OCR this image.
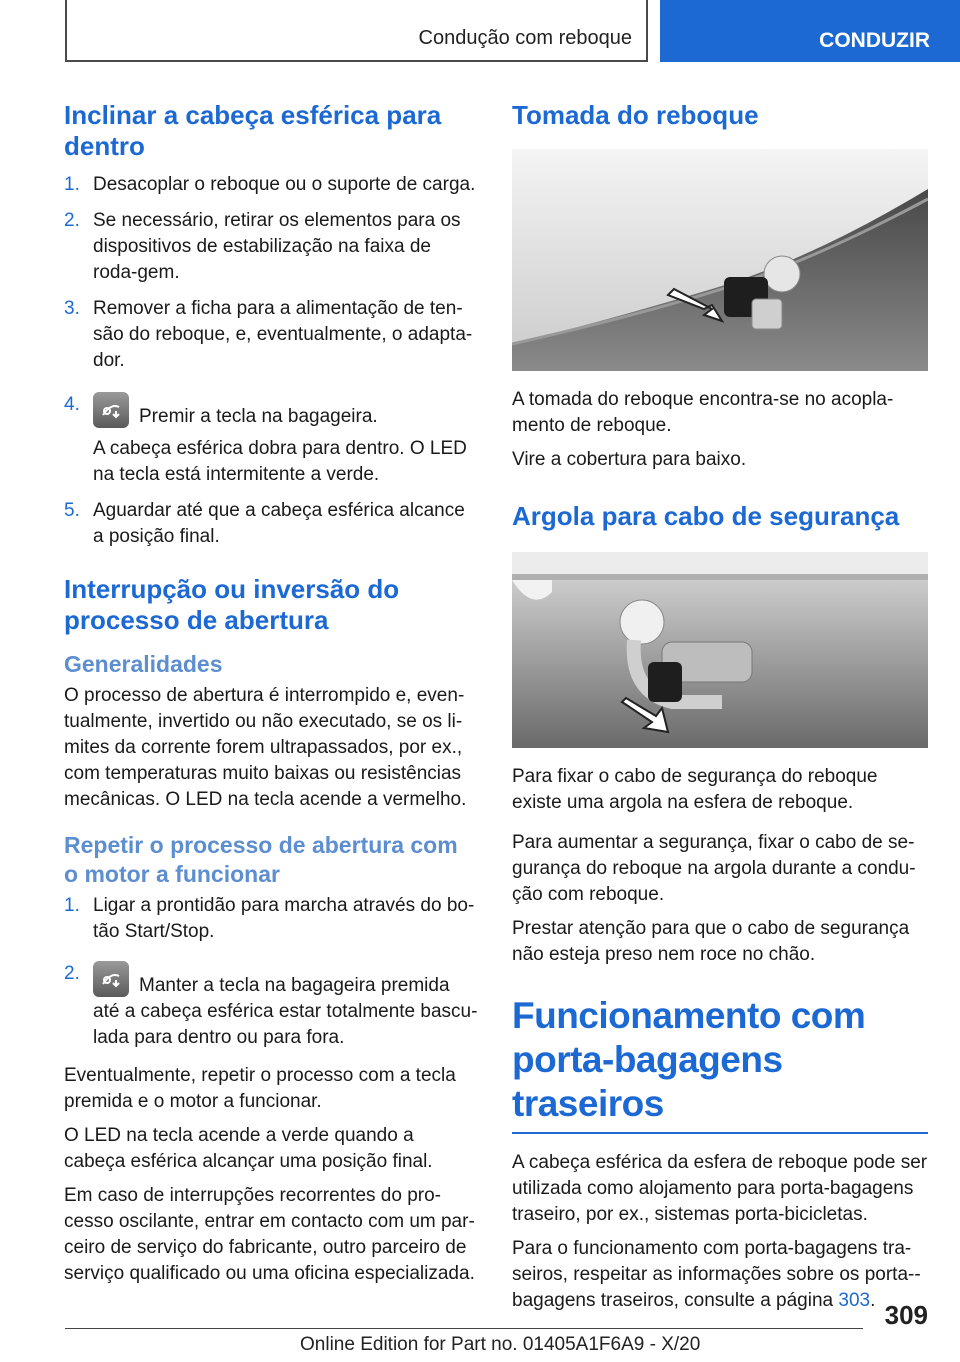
Condução com reboque	CONDUZIR
Inclinar a cabeça esférica para dentro
1. Desacoplar o reboque ou o suporte de carga.
2. Se necessário, retirar os elementos para os dispositivos de estabilização na faixa de roda-gem.
3. Remover a ficha para a alimentação de ten-são do reboque, e, eventualmente, o adapta-dor.
4.
Premir a tecla na bagageira.
A cabeça esférica dobra para dentro. O LED na tecla está intermitente a verde.
5. Aguardar até que a cabeça esférica alcance a posição final.
Interrupção ou inversão do processo de abertura
Generalidades

O processo de abertura é interrompido e, even-tualmente, invertido ou não executado, se os li-mites da corrente forem ultrapassados, por ex., com temperaturas muito baixas ou resistências mecânicas. O LED na tecla acende a vermelho.

Repetir o processo de abertura com o motor a funcionar
1. Ligar a prontidão para marcha através do bo-tão Start/Stop.
2.
Manter a tecla na bagageira premida até a cabeça esférica estar totalmente bascu-lada para dentro ou para fora.

Eventualmente, repetir o processo com a tecla premida e o motor a funcionar.

O LED na tecla acende a verde quando a cabeça esférica alcançar uma posição final.

Em caso de interrupções recorrentes do pro-cesso oscilante, entrar em contacto com um par-ceiro de serviço do fabricante, outro parceiro de serviço qualificado ou uma oficina especializada.

Tomada do reboque

A tomada do reboque encontra-se no acopla-mento de reboque.

Vire a cobertura para baixo.

Argola para cabo de segurança

Para fixar o cabo de segurança do reboque existe uma argola na esfera de reboque.

Para aumentar a segurança, fixar o cabo de se-gurança do reboque na argola durante a condu-ção com reboque.

Prestar atenção para que o cabo de segurança não esteja preso nem roce no chão.

Funcionamento com porta-bagagens traseiros

A cabeça esférica da esfera de reboque pode ser utilizada como alojamento para porta-bagagens traseiro, por ex., sistemas porta-bicicletas.

Para o funcionamento com porta-bagagens tra-seiros, respeitar as informações sobre os porta--bagagens traseiros, consulte a página 303. 309
Online Edition for Part no. 01405A1F6A9 - X/20
